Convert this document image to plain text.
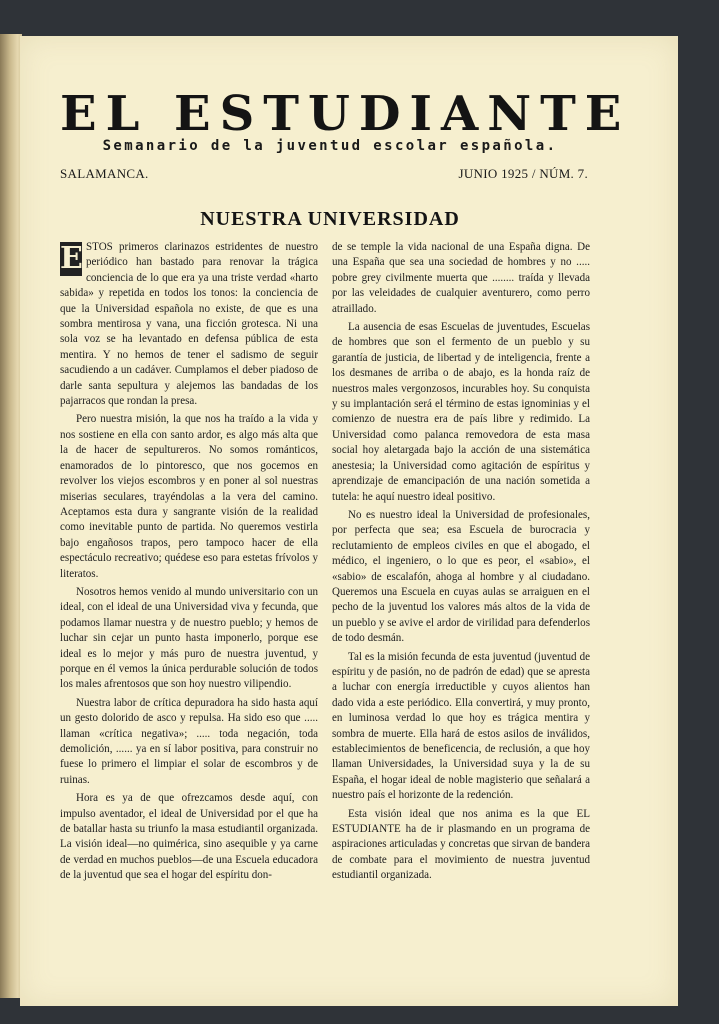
EL ESTUDIANTE
Semanario de la juventud escolar española.
SALAMANCA.	JUNIO 1925 / NÚM. 7.
NUESTRA UNIVERSIDAD

E STOS primeros clarinazos estridentes de nuestro periódico han bastado para renovar la trágica conciencia de lo que era ya una triste verdad «harto sabida» y repetida en todos los tonos: la conciencia de que la Universidad española no existe, de que es una sombra mentirosa y vana, una ficción grotesca. Ni una sola voz se ha levantado en defensa pública de esta mentira. Y no hemos de tener el sadismo de seguir sacudiendo a un cadáver. Cumplamos el deber piadoso de darle santa sepultura y alejemos las bandadas de los pajarracos que rondan la presa.

Pero nuestra misión, la que nos ha traído a la vida y nos sostiene en ella con santo ardor, es algo más alta que la de hacer de sepultureros. No somos románticos, enamorados de lo pintoresco, que nos gocemos en revolver los viejos escombros y en poner al sol nuestras miserias seculares, trayéndolas a la vera del camino. Aceptamos esta dura y sangrante visión de la realidad como inevitable punto de partida. No queremos vestirla bajo engañosos trapos, pero tampoco hacer de ella espectáculo recreativo; quédese eso para estetas frívolos y literatos.

Nosotros hemos venido al mundo universitario con un ideal, con el ideal de una Universidad viva y fecunda, que podamos llamar nuestra y de nuestro pueblo; y hemos de luchar sin cejar un punto hasta imponerlo, porque ese ideal es lo mejor y más puro de nuestra juventud, y porque en él vemos la única perdurable solución de todos los males afrentosos que son hoy nuestro vilipendio.

Nuestra labor de crítica depuradora ha sido hasta aquí un gesto dolorido de asco y repulsa. Ha sido eso que ..... llaman «crítica negativa»; ..... toda negación, toda demolición, ...... ya en sí labor positiva, para construir no fuese lo primero el limpiar el solar de escombros y de ruinas.

Hora es ya de que ofrezcamos desde aquí, con impulso aventador, el ideal de Universidad por el que ha de batallar hasta su triunfo la masa estudiantil organizada. La visión ideal—no quimérica, sino asequible y ya carne de verdad en muchos pueblos—de una Escuela educadora de la juventud que sea el hogar del espíritu don-

de se temple la vida nacional de una España digna. De una España que sea una sociedad de hombres y no ..... pobre grey civilmente muerta que ........ traída y llevada por las veleidades de cualquier aventurero, como perro atraillado.

La ausencia de esas Escuelas de juventudes, Escuelas de hombres que son el fermento de un pueblo y su garantía de justicia, de libertad y de inteligencia, frente a los desmanes de arriba o de abajo, es la honda raíz de nuestros males vergonzosos, incurables hoy. Su conquista y su implantación será el término de estas ignominias y el comienzo de nuestra era de país libre y redimido. La Universidad como palanca removedora de esta masa social hoy aletargada bajo la acción de una sistemática anestesia; la Universidad como agitación de espíritus y aprendizaje de emancipación de una nación sometida a tutela: he aquí nuestro ideal positivo.

No es nuestro ideal la Universidad de profesionales, por perfecta que sea; esa Escuela de burocracia y reclutamiento de empleos civiles en que el abogado, el médico, el ingeniero, o lo que es peor, el «sabio», el «sabio» de escalafón, ahoga al hombre y al ciudadano. Queremos una Escuela en cuyas aulas se arraiguen en el pecho de la juventud los valores más altos de la vida de un pueblo y se avive el ardor de virilidad para defenderlos de todo desmán.

Tal es la misión fecunda de esta juventud (juventud de espíritu y de pasión, no de padrón de edad) que se apresta a luchar con energía irreductible y cuyos alientos han dado vida a este periódico. Ella convertirá, y muy pronto, en luminosa verdad lo que hoy es trágica mentira y sombra de muerte. Ella hará de estos asilos de inválidos, establecimientos de beneficencia, de reclusión, a que hoy llaman Universidades, la Universidad suya y la de su España, el hogar ideal de noble magisterio que señalará a nuestro país el horizonte de la redención.

Esta visión ideal que nos anima es la que EL ESTUDIANTE ha de ir plasmando en un programa de aspiraciones articuladas y concretas que sirvan de bandera de combate para el movimiento de nuestra juventud estudiantil organizada.
